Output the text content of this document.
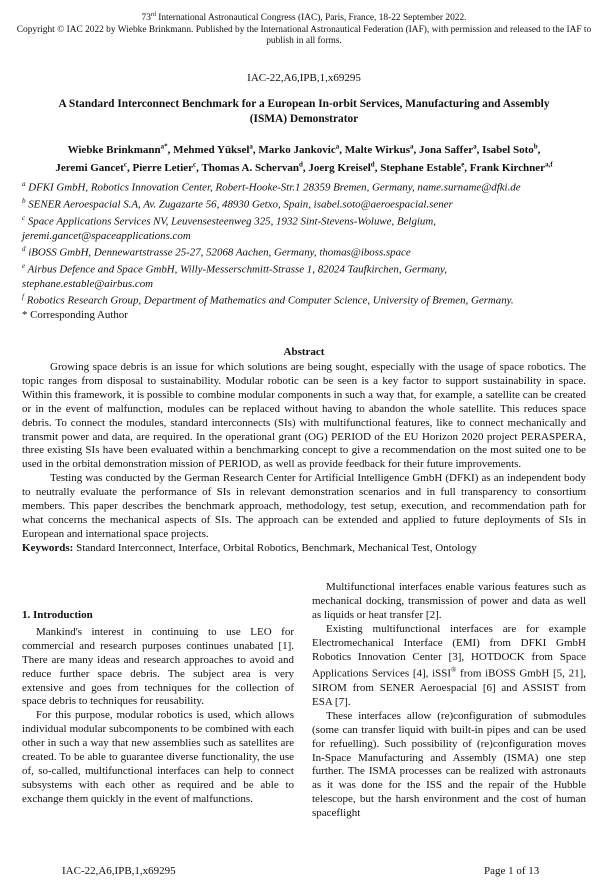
73rd International Astronautical Congress (IAC), Paris, France, 18-22 September 2022.
Copyright © IAC 2022 by Wiebke Brinkmann. Published by the International Astronautical Federation (IAF), with permission and released to the IAF to publish in all forms.
IAC-22,A6,IPB,1,x69295
A Standard Interconnect Benchmark for a European In-orbit Services, Manufacturing and Assembly (ISMA) Demonstrator
Wiebke Brinkmann$^{a*}$, Mehmed Yüksel$^a$, Marko Jankovic$^a$, Malte Wirkus$^a$, Jona Saffer$^a$, Isabel Soto$^b$,
Jeremi Gancet$^c$, Pierre Letier$^c$, Thomas A. Schervan$^d$, Joerg Kreisel$^d$, Stephane Estable$^e$, Frank Kirchner$^{a,f}$
$^a$ DFKI GmbH, Robotics Innovation Center, Robert-Hooke-Str.1 28359 Bremen, Germany, name.surname@dfki.de
$^b$ SENER Aeroespacial S.A, Av. Zugazarte 56, 48930 Getxo, Spain, isabel.soto@aeroespacial.sener
$^c$ Space Applications Services NV, Leuvensesteenweg 325, 1932 Sint-Stevens-Woluwe, Belgium,
jeremi.gancet@spaceapplications.com
$^d$ iBOSS GmbH, Dennewartstrasse 25-27, 52068 Aachen, Germany, thomas@iboss.space
$^e$ Airbus Defence and Space GmbH, Willy-Messerschmitt-Strasse 1, 82024 Taufkirchen, Germany,
stephane.estable@airbus.com
$^f$ Robotics Research Group, Department of Mathematics and Computer Science, University of Bremen, Germany.
* Corresponding Author
Abstract

Growing space debris is an issue for which solutions are being sought, especially with the usage of space robotics. The topic ranges from disposal to sustainability. Modular robotic can be seen is a key factor to support sustainability in space. Within this framework, it is possible to combine modular components in such a way that, for example, a satellite can be created or in the event of malfunction, modules can be replaced without having to abandon the whole satellite. This reduces space debris. To connect the modules, standard interconnects (SIs) with multifunctional features, like to connect mechanically and transmit power and data, are required. In the operational grant (OG) PERIOD of the EU Horizon 2020 project PERASPERA, three existing SIs have been evaluated within a benchmarking concept to give a recommendation on the most suited one to be used in the orbital demonstration mission of PERIOD, as well as provide feedback for their future improvements.

Testing was conducted by the German Research Center for Artificial Intelligence GmbH (DFKI) as an independent body to neutrally evaluate the performance of SIs in relevant demonstration scenarios and in full transparency to consortium members. This paper describes the benchmark approach, methodology, test setup, execution, and recommendation path for what concerns the mechanical aspects of SIs. The approach can be extended and applied to future deployments of SIs in European and international space projects.

Keywords: Standard Interconnect, Interface, Orbital Robotics, Benchmark, Mechanical Test, Ontology
1. Introduction

Mankind's interest in continuing to use LEO for commercial and research purposes continues unabated [1]. There are many ideas and research approaches to avoid and reduce further space debris. The subject area is very extensive and goes from techniques for the collection of space debris to techniques for reusability.

For this purpose, modular robotics is used, which allows individual modular subcomponents to be combined with each other in such a way that new assemblies such as satellites are created. To be able to guarantee diverse functionality, the use of, so-called, multifunctional interfaces can help to connect subsystems with each other as required and be able to exchange them quickly in the event of malfunctions.

Multifunctional interfaces enable various features such as mechanical docking, transmission of power and data as well as liquids or heat transfer [2].

Existing multifunctional interfaces are for example Electromechanical Interface (EMI) from DFKI GmbH Robotics Innovation Center [3], HOTDOCK from Space Applications Services [4], iSSI® from iBOSS GmbH [5, 21], SIROM from SENER Aeroespacial [6] and ASSIST from ESA [7].

These interfaces allow (re)configuration of submodules (some can transfer liquid with built-in pipes and can be used for refuelling). Such possibility of (re)configuration moves In-Space Manufacturing and Assembly (ISMA) one step further. The ISMA processes can be realized with astronauts as it was done for the ISS and the repair of the Hubble telescope, but the harsh environment and the cost of human spaceflight

IAC-22,A6,IPB,1,x69295	Page 1 of 13
